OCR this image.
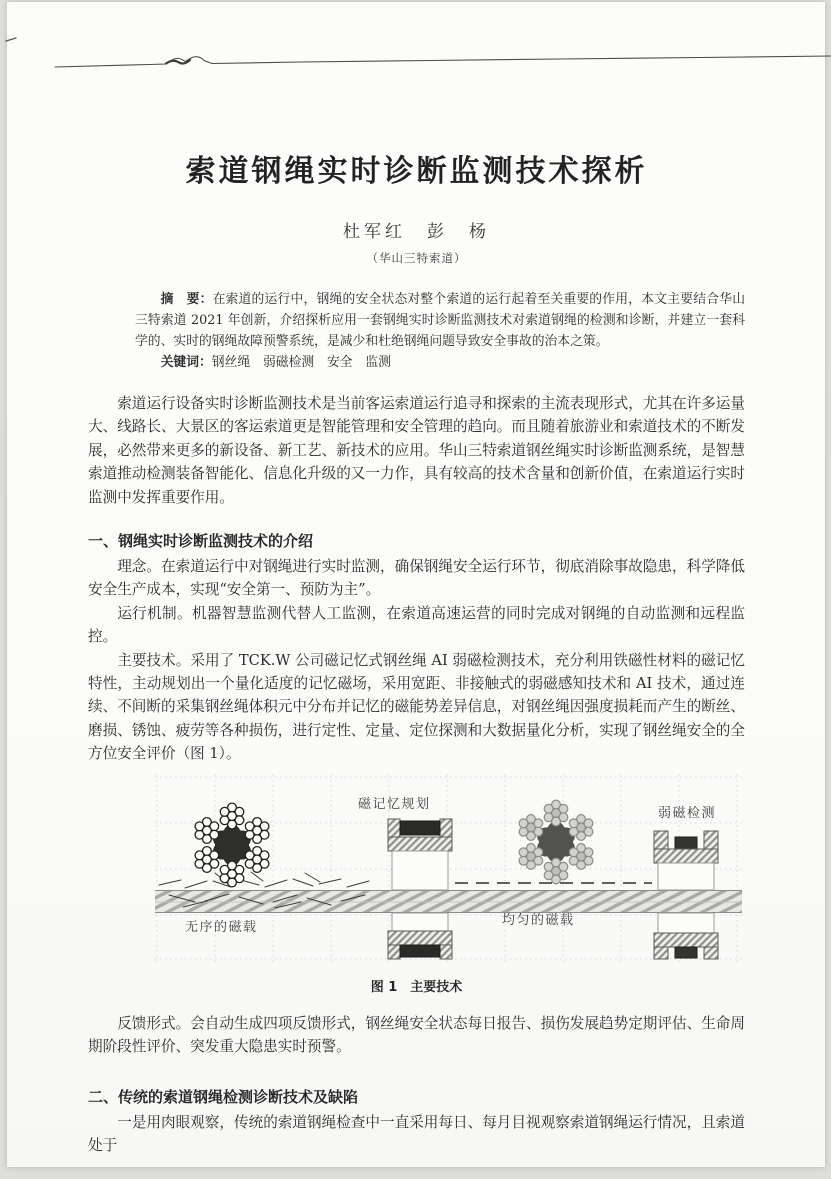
索道钢绳实时诊断监测技术探析
杜军红　彭　杨
（华山三特索道）

摘　要：在索道的运行中，钢绳的安全状态对整个索道的运行起着至关重要的作用，本文主要结合华山三特索道 2021 年创新，介绍探析应用一套钢绳实时诊断监测技术对索道钢绳的检测和诊断，并建立一套科学的、实时的钢绳故障预警系统，是减少和杜绝钢绳问题导致安全事故的治本之策。

关键词：钢丝绳　弱磁检测　安全　监测

索道运行设备实时诊断监测技术是当前客运索道运行追寻和探索的主流表现形式，尤其在许多运量大、线路长、大景区的客运索道更是智能管理和安全管理的趋向。而且随着旅游业和索道技术的不断发展，必然带来更多的新设备、新工艺、新技术的应用。华山三特索道钢丝绳实时诊断监测系统，是智慧索道推动检测装备智能化、信息化升级的又一力作，具有较高的技术含量和创新价值，在索道运行实时监测中发挥重要作用。

一、钢绳实时诊断监测技术的介绍

理念。在索道运行中对钢绳进行实时监测，确保钢绳安全运行环节，彻底消除事故隐患，科学降低安全生产成本，实现“安全第一、预防为主”。

运行机制。机器智慧监测代替人工监测，在索道高速运营的同时完成对钢绳的自动监测和远程监控。

主要技术。采用了 TCK.W 公司磁记忆式钢丝绳 AI 弱磁检测技术，充分利用铁磁性材料的磁记忆特性，主动规划出一个量化适度的记忆磁场，采用宽距、非接触式的弱磁感知技术和 AI 技术，通过连续、不间断的采集钢丝绳体积元中分布并记忆的磁能势差异信息，对钢丝绳因强度损耗而产生的断丝、磨损、锈蚀、疲劳等各种损伤，进行定性、定量、定位探测和大数据量化分析，实现了钢丝绳安全的全方位安全评价（图 1）。

磁记忆规划
弱磁检测
无序的磁载	均匀的磁载

图 1　主要技术

反馈形式。会自动生成四项反馈形式，钢丝绳安全状态每日报告、损伤发展趋势定期评估、生命周期阶段性评价、突发重大隐患实时预警。

二、传统的索道钢绳检测诊断技术及缺陷

一是用肉眼观察，传统的索道钢绳检查中一直采用每日、每月目视观察索道钢绳运行情况，且索道处于
